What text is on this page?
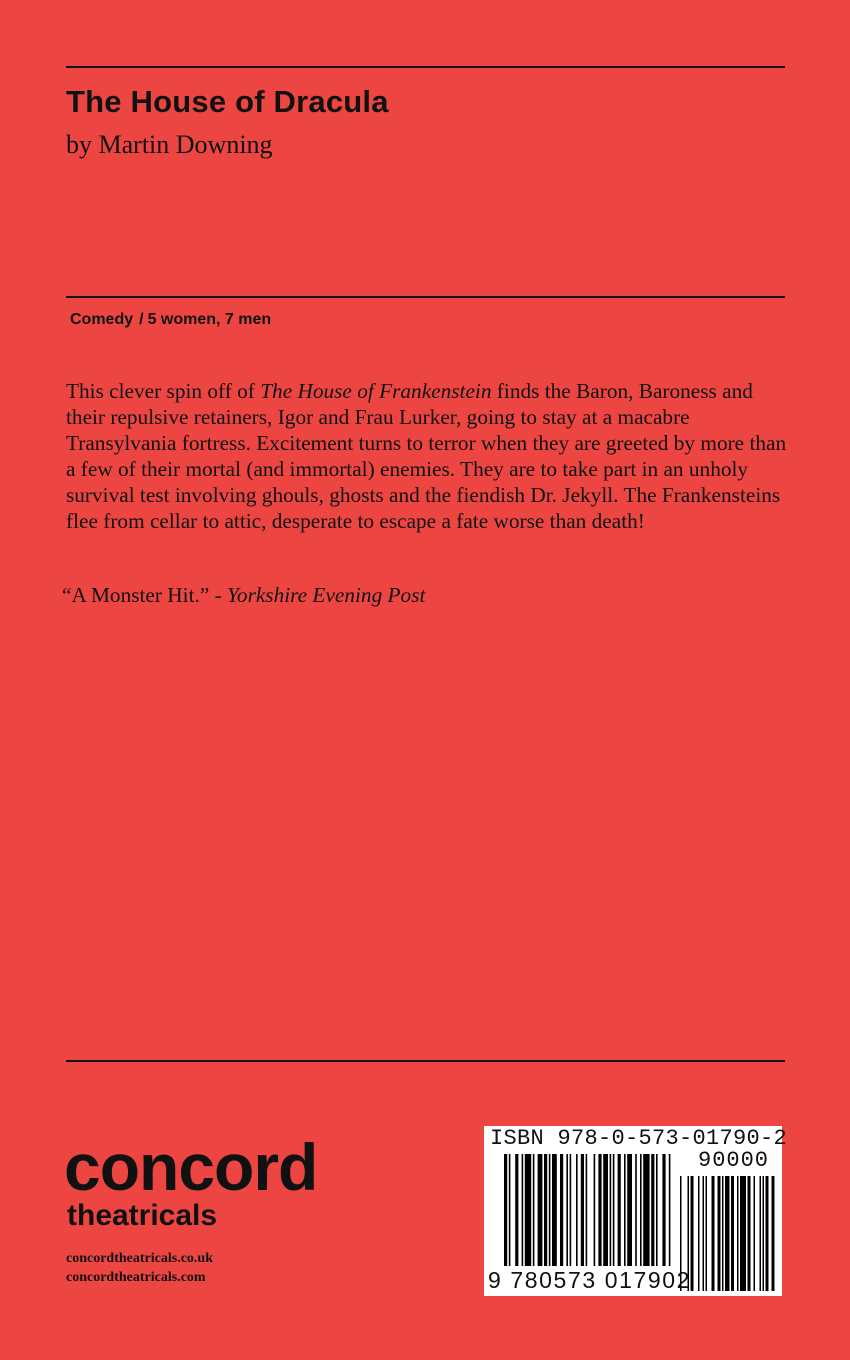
The House of Dracula
by Martin Downing
Comedy / 5 women, 7 men
This clever spin off of The House of Frankenstein finds the Baron, Baroness and their repulsive retainers, Igor and Frau Lurker, going to stay at a macabre Transylvania fortress. Excitement turns to terror when they are greeted by more than a few of their mortal (and immortal) enemies. They are to take part in an unholy survival test involving ghouls, ghosts and the fiendish Dr. Jekyll. The Frankensteins flee from cellar to attic, desperate to escape a fate worse than death!
“A Monster Hit.” - Yorkshire Evening Post
concord
theatricals
concordtheatricals.co.uk
concordtheatricals.com
ISBN 978-0-573-01790-2
90000
9 780573 017902
